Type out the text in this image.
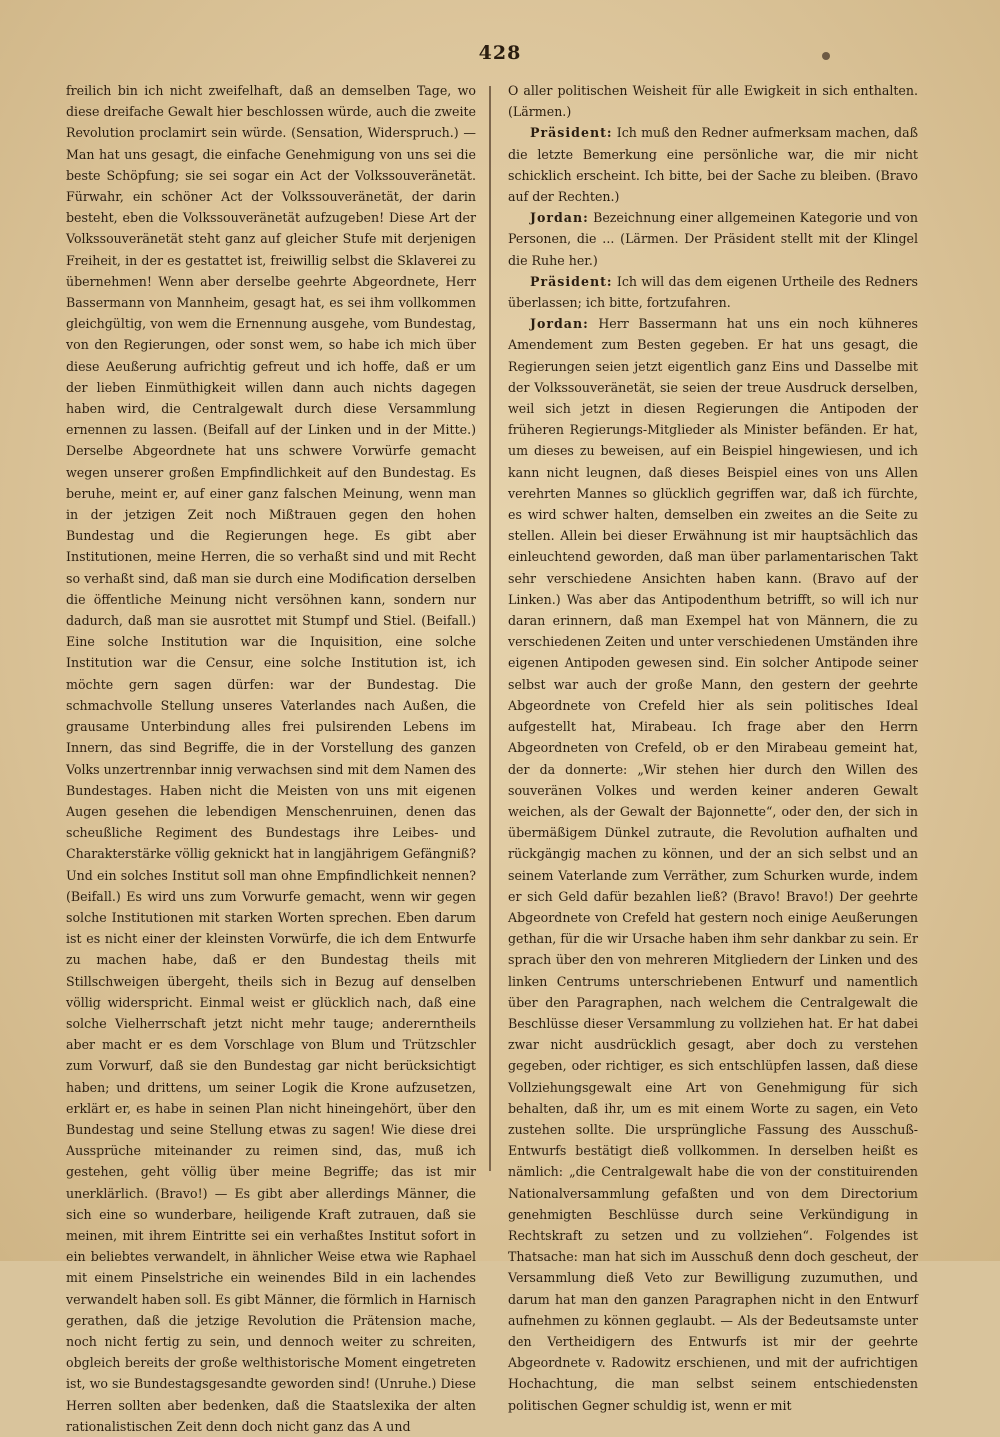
428

freilich bin ich nicht zweifelhaft, daß an demselben Tage, wo diese dreifache Gewalt hier beschlossen würde, auch die zweite Revolution proclamirt sein würde. (Sensation, Widerspruch.) — Man hat uns gesagt, die einfache Genehmigung von uns sei die beste Schöpfung; sie sei sogar ein Act der Volkssouveränetät. Fürwahr, ein schöner Act der Volkssouveränetät, der darin besteht, eben die Volkssouveränetät aufzugeben! Diese Art der Volkssouveränetät steht ganz auf gleicher Stufe mit derjenigen Freiheit, in der es gestattet ist, freiwillig selbst die Sklaverei zu übernehmen! Wenn aber derselbe geehrte Abgeordnete, Herr Bassermann von Mannheim, gesagt hat, es sei ihm vollkommen gleichgültig, von wem die Ernennung ausgehe, vom Bundestag, von den Regierungen, oder sonst wem, so habe ich mich über diese Aeußerung aufrichtig gefreut und ich hoffe, daß er um der lieben Einmüthigkeit willen dann auch nichts dagegen haben wird, die Centralgewalt durch diese Versammlung ernennen zu lassen. (Beifall auf der Linken und in der Mitte.) Derselbe Abgeordnete hat uns schwere Vorwürfe gemacht wegen unserer großen Empfindlichkeit auf den Bundestag. Es beruhe, meint er, auf einer ganz falschen Meinung, wenn man in der jetzigen Zeit noch Mißtrauen gegen den hohen Bundestag und die Regierungen hege. Es gibt aber Institutionen, meine Herren, die so verhaßt sind und mit Recht so verhaßt sind, daß man sie durch eine Modification derselben die öffentliche Meinung nicht versöhnen kann, sondern nur dadurch, daß man sie ausrottet mit Stumpf und Stiel. (Beifall.) Eine solche Institution war die Inquisition, eine solche Institution war die Censur, eine solche Institution ist, ich möchte gern sagen dürfen: war der Bundestag. Die schmachvolle Stellung unseres Vaterlandes nach Außen, die grausame Unterbindung alles frei pulsirenden Lebens im Innern, das sind Begriffe, die in der Vorstellung des ganzen Volks unzertrennbar innig verwachsen sind mit dem Namen des Bundestages. Haben nicht die Meisten von uns mit eigenen Augen gesehen die lebendigen Menschenruinen, denen das scheußliche Regiment des Bundestags ihre Leibes- und Charakterstärke völlig geknickt hat in langjährigem Gefängniß? Und ein solches Institut soll man ohne Empfindlichkeit nennen? (Beifall.) Es wird uns zum Vorwurfe gemacht, wenn wir gegen solche Institutionen mit starken Worten sprechen. Eben darum ist es nicht einer der kleinsten Vorwürfe, die ich dem Entwurfe zu machen habe, daß er den Bundestag theils mit Stillschweigen übergeht, theils sich in Bezug auf denselben völlig widerspricht. Einmal weist er glücklich nach, daß eine solche Vielherrschaft jetzt nicht mehr tauge; andererntheils aber macht er es dem Vorschlage von Blum und Trützschler zum Vorwurf, daß sie den Bundestag gar nicht berücksichtigt haben; und drittens, um seiner Logik die Krone aufzusetzen, erklärt er, es habe in seinen Plan nicht hineingehört, über den Bundestag und seine Stellung etwas zu sagen! Wie diese drei Aussprüche miteinander zu reimen sind, das, muß ich gestehen, geht völlig über meine Begriffe; das ist mir unerklärlich. (Bravo!) — Es gibt aber allerdings Männer, die sich eine so wunderbare, heiligende Kraft zutrauen, daß sie meinen, mit ihrem Eintritte sei ein verhaßtes Institut sofort in ein beliebtes verwandelt, in ähnlicher Weise etwa wie Raphael mit einem Pinselstriche ein weinendes Bild in ein lachendes verwandelt haben soll. Es gibt Männer, die förmlich in Harnisch gerathen, daß die jetzige Revolution die Prätension mache, noch nicht fertig zu sein, und dennoch weiter zu schreiten, obgleich bereits der große welthistorische Moment eingetreten ist, wo sie Bundestagsgesandte geworden sind! (Unruhe.) Diese Herren sollten aber bedenken, daß die Staatslexika der alten rationalistischen Zeit denn doch nicht ganz das A und

O aller politischen Weisheit für alle Ewigkeit in sich enthalten. (Lärmen.)

Präsident: Ich muß den Redner aufmerksam machen, daß die letzte Bemerkung eine persönliche war, die mir nicht schicklich erscheint. Ich bitte, bei der Sache zu bleiben. (Bravo auf der Rechten.)

Jordan: Bezeichnung einer allgemeinen Kategorie und von Personen, die ... (Lärmen. Der Präsident stellt mit der Klingel die Ruhe her.)

Präsident: Ich will das dem eigenen Urtheile des Redners überlassen; ich bitte, fortzufahren.

Jordan: Herr Bassermann hat uns ein noch kühneres Amendement zum Besten gegeben. Er hat uns gesagt, die Regierungen seien jetzt eigentlich ganz Eins und Dasselbe mit der Volkssouveränetät, sie seien der treue Ausdruck derselben, weil sich jetzt in diesen Regierungen die Antipoden der früheren Regierungs-Mitglieder als Minister befänden. Er hat, um dieses zu beweisen, auf ein Beispiel hingewiesen, und ich kann nicht leugnen, daß dieses Beispiel eines von uns Allen verehrten Mannes so glücklich gegriffen war, daß ich fürchte, es wird schwer halten, demselben ein zweites an die Seite zu stellen. Allein bei dieser Erwähnung ist mir hauptsächlich das einleuchtend geworden, daß man über parlamentarischen Takt sehr verschiedene Ansichten haben kann. (Bravo auf der Linken.) Was aber das Antipodenthum betrifft, so will ich nur daran erinnern, daß man Exempel hat von Männern, die zu verschiedenen Zeiten und unter verschiedenen Umständen ihre eigenen Antipoden gewesen sind. Ein solcher Antipode seiner selbst war auch der große Mann, den gestern der geehrte Abgeordnete von Crefeld hier als sein politisches Ideal aufgestellt hat, Mirabeau. Ich frage aber den Herrn Abgeordneten von Crefeld, ob er den Mirabeau gemeint hat, der da donnerte: „Wir stehen hier durch den Willen des souveränen Volkes und werden keiner anderen Gewalt weichen, als der Gewalt der Bajonnette“, oder den, der sich in übermäßigem Dünkel zutraute, die Revolution aufhalten und rückgängig machen zu können, und der an sich selbst und an seinem Vaterlande zum Verräther, zum Schurken wurde, indem er sich Geld dafür bezahlen ließ? (Bravo! Bravo!) Der geehrte Abgeordnete von Crefeld hat gestern noch einige Aeußerungen gethan, für die wir Ursache haben ihm sehr dankbar zu sein. Er sprach über den von mehreren Mitgliedern der Linken und des linken Centrums unterschriebenen Entwurf und namentlich über den Paragraphen, nach welchem die Centralgewalt die Beschlüsse dieser Versammlung zu vollziehen hat. Er hat dabei zwar nicht ausdrücklich gesagt, aber doch zu verstehen gegeben, oder richtiger, es sich entschlüpfen lassen, daß diese Vollziehungsgewalt eine Art von Genehmigung für sich behalten, daß ihr, um es mit einem Worte zu sagen, ein Veto zustehen sollte. Die ursprüngliche Fassung des Ausschuß-Entwurfs bestätigt dieß vollkommen. In derselben heißt es nämlich: „die Centralgewalt habe die von der constituirenden Nationalversammlung gefaßten und von dem Directorium genehmigten Beschlüsse durch seine Verkündigung in Rechtskraft zu setzen und zu vollziehen“. Folgendes ist Thatsache: man hat sich im Ausschuß denn doch gescheut, der Versammlung dieß Veto zur Bewilligung zuzumuthen, und darum hat man den ganzen Paragraphen nicht in den Entwurf aufnehmen zu können geglaubt. — Als der Bedeutsamste unter den Vertheidigern des Entwurfs ist mir der geehrte Abgeordnete v. Radowitz erschienen, und mit der aufrichtigen Hochachtung, die man selbst seinem entschiedensten politischen Gegner schuldig ist, wenn er mit
